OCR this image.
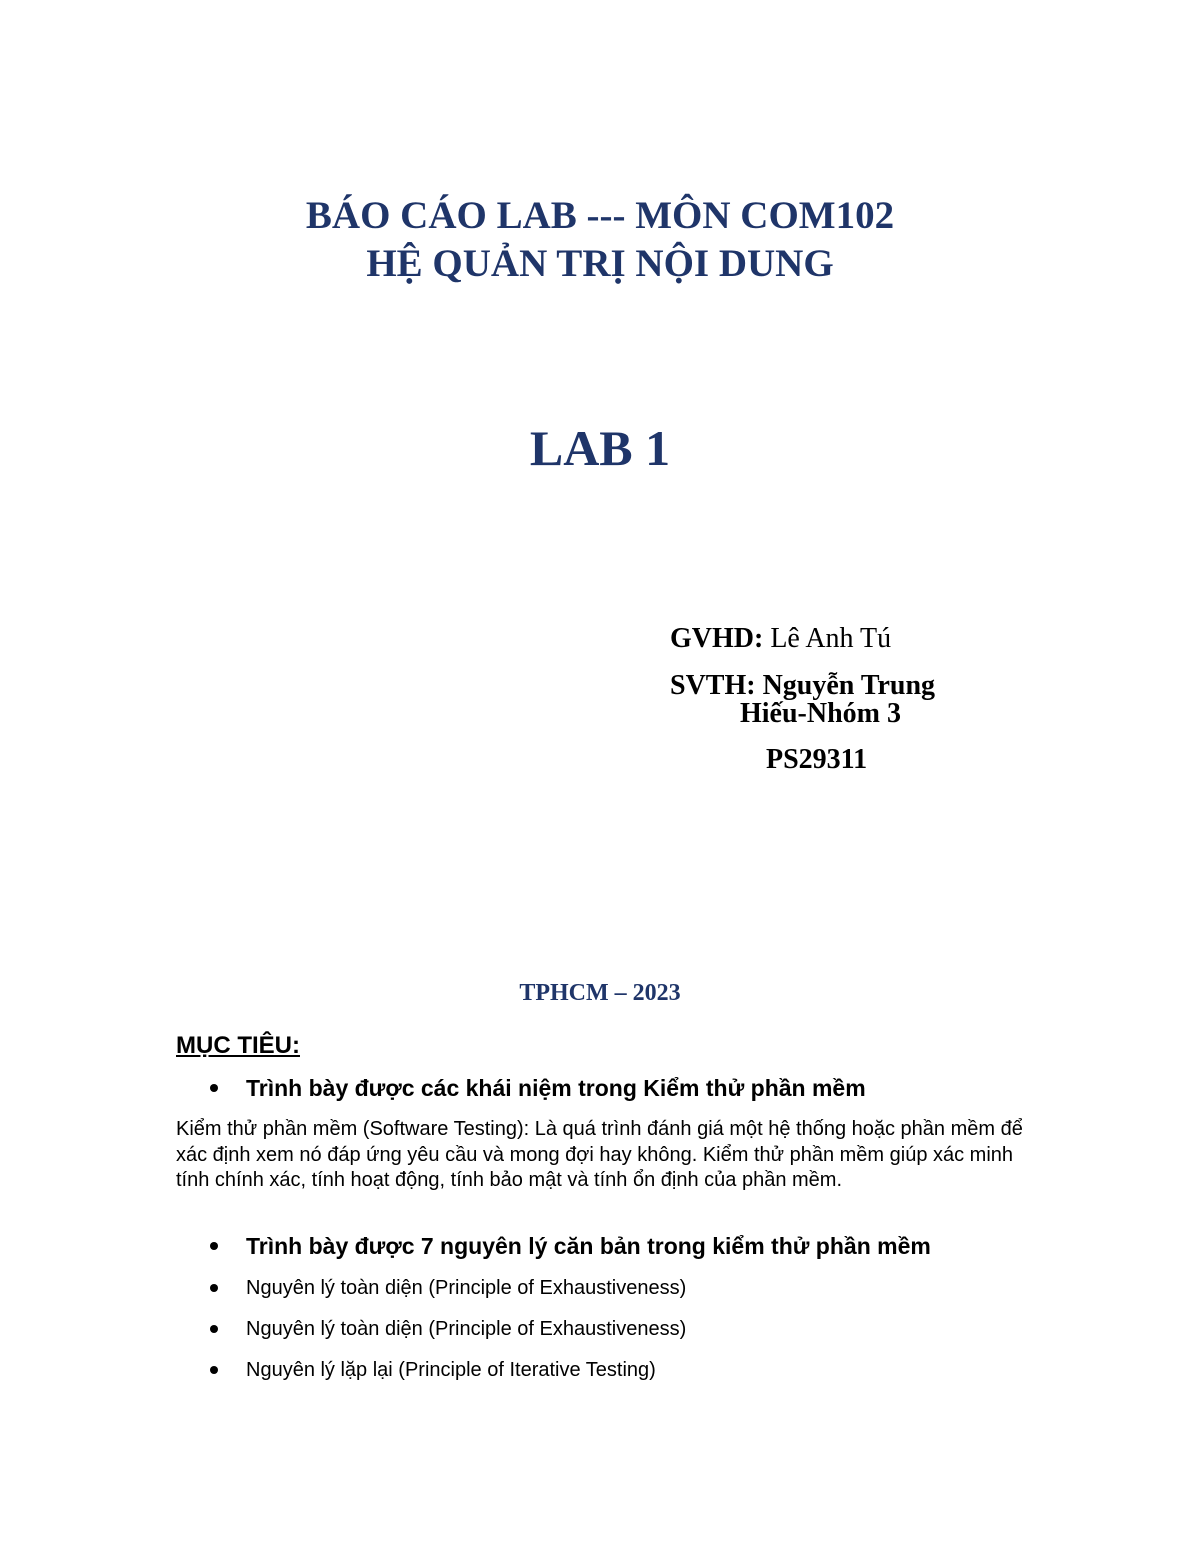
BÁO CÁO LAB --- MÔN COM102
HỆ QUẢN TRỊ NỘI DUNG
LAB 1
GVHD: Lê Anh Tú
SVTH: Nguyễn Trung
Hiếu-Nhóm 3
PS29311
TPHCM – 2023
MỤC TIÊU:
Trình bày được các khái niệm trong Kiểm thử phần mềm
Kiểm thử phần mềm (Software Testing): Là quá trình đánh giá một hệ thống hoặc phần mềm để xác định xem nó đáp ứng yêu cầu và mong đợi hay không. Kiểm thử phần mềm giúp xác minh tính chính xác, tính hoạt động, tính bảo mật và tính ổn định của phần mềm.
Trình bày được 7 nguyên lý căn bản trong kiểm thử phần mềm
Nguyên lý toàn diện (Principle of Exhaustiveness)
Nguyên lý toàn diện (Principle of Exhaustiveness)
Nguyên lý lặp lại (Principle of Iterative Testing)
